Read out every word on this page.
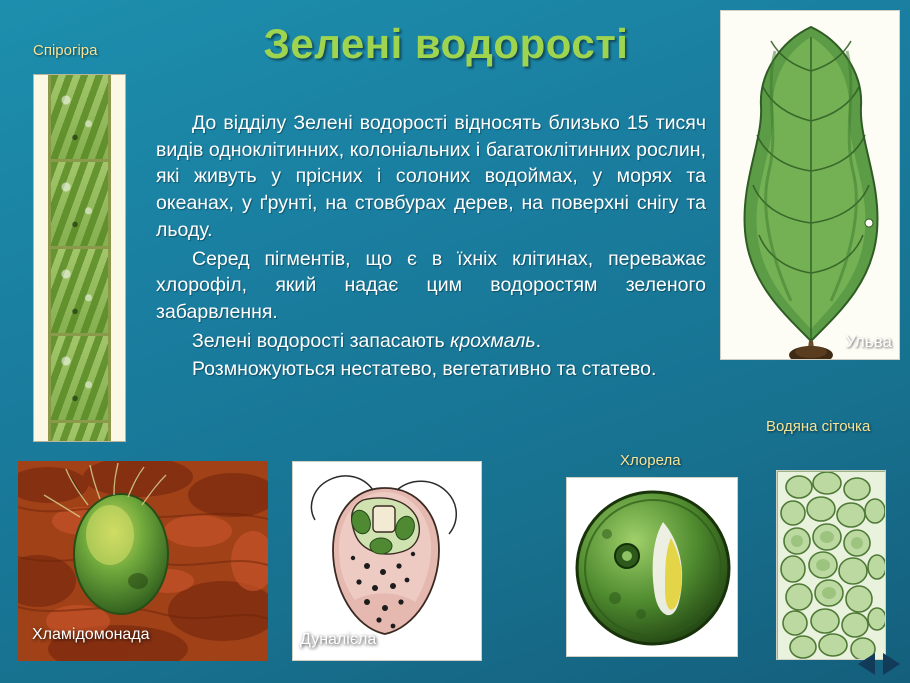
Зелені водорості

До відділу Зелені водорості відносять близько 15 тисяч видів одноклітинних, колоніальних і багатоклітинних рослин, які живуть у прісних і солоних водоймах, у морях та океанах, у ґрунті, на стовбурах дерев, на поверхні снігу та льоду.

Серед пігментів, що є в їхніх клітинах, переважає хлорофіл, який надає цим водоростям зеленого забарвлення.

Зелені водорості запасають крохмаль.

Розмножуються нестатево, вегетативно та статево.

Спірогіра
Ульва
Хламідомонада	Дуналієла
Хлорела
Водяна сіточка
